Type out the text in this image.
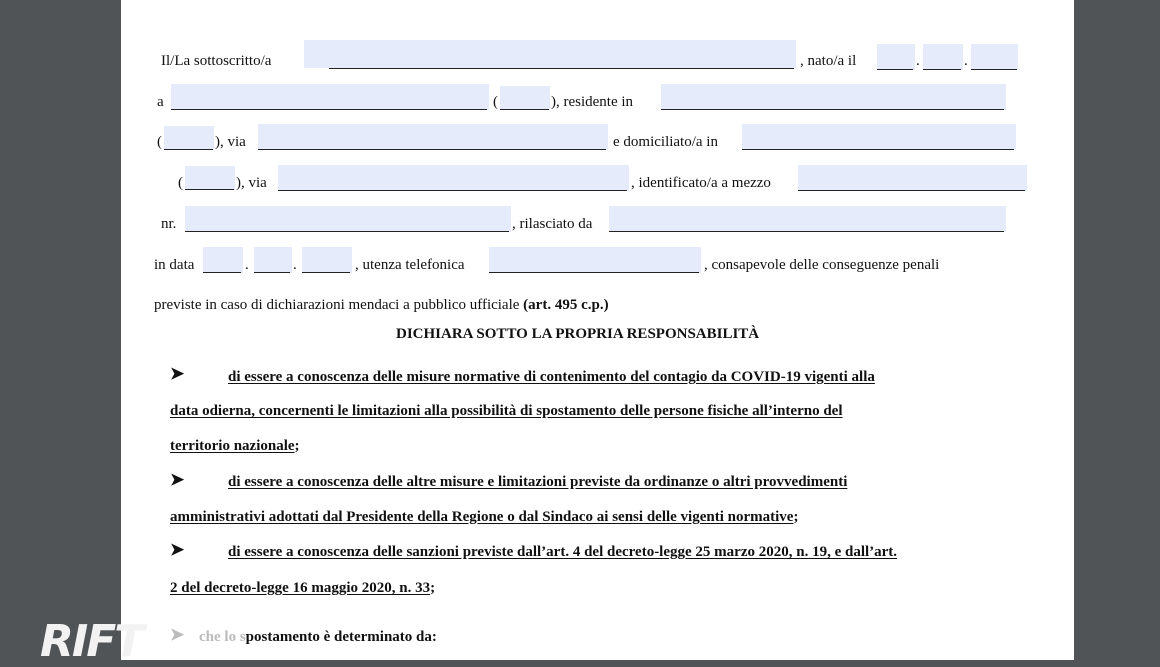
Il/La sottoscritto/a	, nato/a il	.	.
a	(	), residente in
(	), via	e domiciliato/a in
(	), via	, identificato/a a mezzo
nr.	, rilasciato da
in data	.	.	, utenza telefonica	, consapevole delle conseguenze penali
previste in caso di dichiarazioni mendaci a pubblico ufficiale (art. 495 c.p.)
DICHIARA SOTTO LA PROPRIA RESPONSABILITÀ
➤	di essere a conoscenza delle misure normative di contenimento del contagio da COVID-19 vigenti alla
data odierna, concernenti le limitazioni alla possibilità di spostamento delle persone fisiche all’interno del
territorio nazionale;
➤	di essere a conoscenza delle altre misure e limitazioni previste da ordinanze o altri provvedimenti
amministrativi adottati dal Presidente della Regione o dal Sindaco ai sensi delle vigenti normative;
➤	di essere a conoscenza delle sanzioni previste dall’art. 4 del decreto-legge 25 marzo 2020, n. 19, e dall’art.
2 del decreto-legge 16 maggio 2020, n. 33;
➤ che lo spostamento è determinato da:
RIFT
